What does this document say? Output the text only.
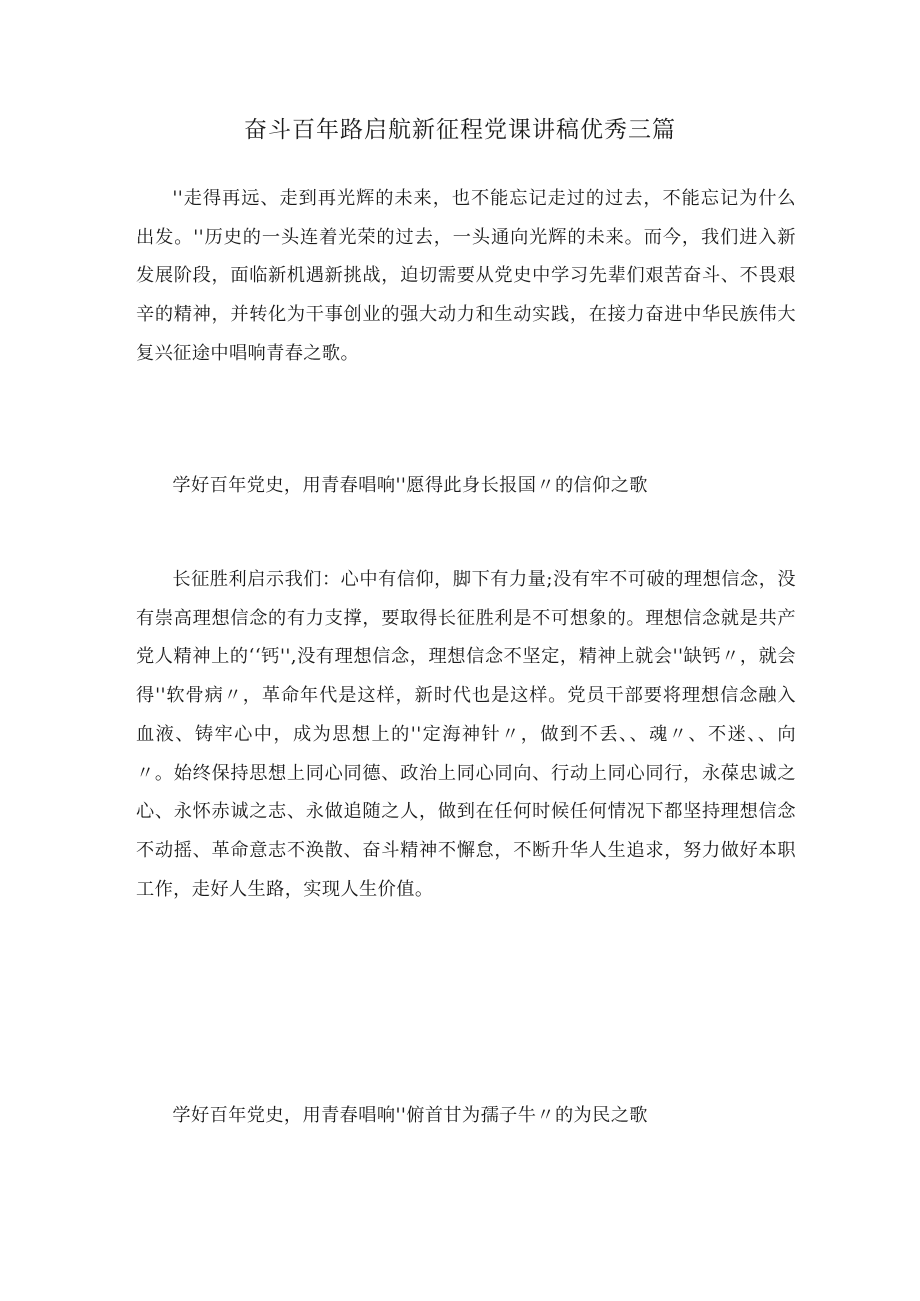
奋斗百年路启航新征程党课讲稿优秀三篇

''走得再远、走到再光辉的未来，也不能忘记走过的过去，不能忘记为什么出发。''历史的一头连着光荣的过去，一头通向光辉的未来。而今，我们进入新发展阶段，面临新机遇新挑战，迫切需要从党史中学习先辈们艰苦奋斗、不畏艰辛的精神，并转化为干事创业的强大动力和生动实践，在接力奋进中华民族伟大复兴征途中唱响青春之歌。

学好百年党史，用青春唱响''愿得此身长报国〃的信仰之歌

长征胜利启示我们：心中有信仰，脚下有力量;没有牢不可破的理想信念，没有崇高理想信念的有力支撑，要取得长征胜利是不可想象的。理想信念就是共产党人精神上的‘‘钙'',没有理想信念，理想信念不坚定，精神上就会''缺钙〃，就会得''软骨病〃，革命年代是这样，新时代也是这样。党员干部要将理想信念融入血液、铸牢心中，成为思想上的''定海神针〃，做到不丢、、魂〃、不迷、、向〃。始终保持思想上同心同德、政治上同心同向、行动上同心同行，永葆忠诚之心、永怀赤诚之志、永做追随之人，做到在任何时候任何情况下都坚持理想信念不动摇、革命意志不涣散、奋斗精神不懈怠，不断升华人生追求，努力做好本职工作，走好人生路，实现人生价值。

学好百年党史，用青春唱响''俯首甘为孺子牛〃的为民之歌
